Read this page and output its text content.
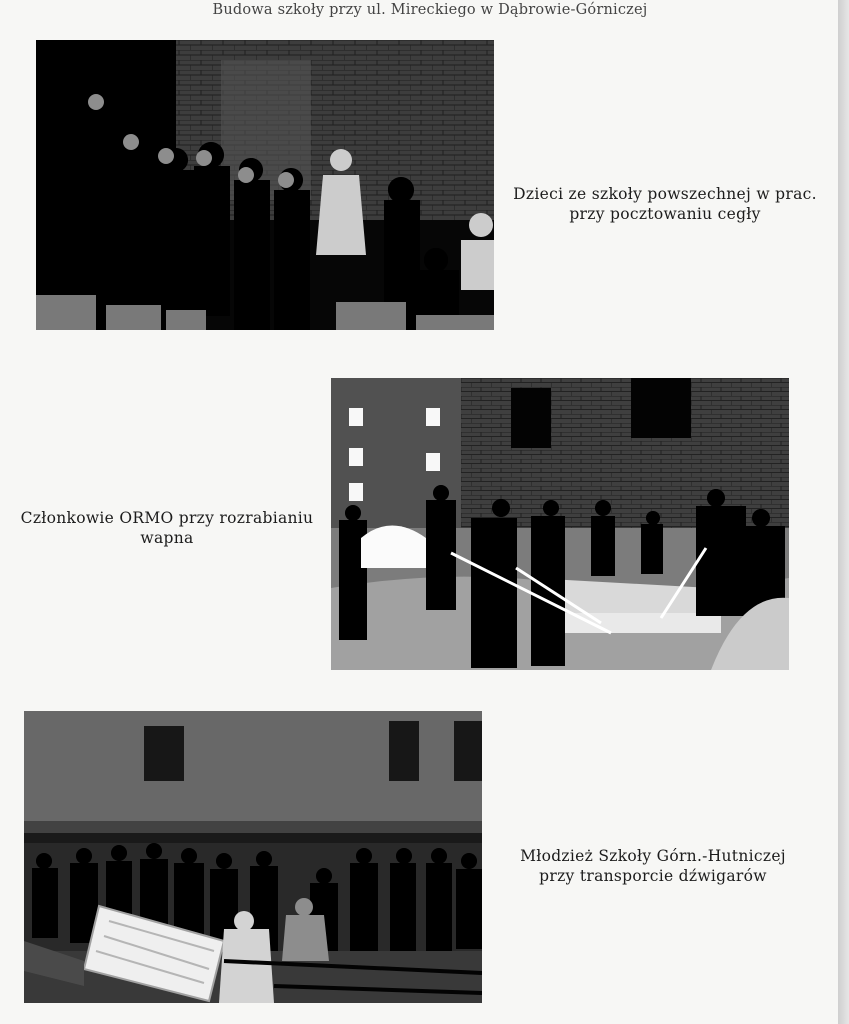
Budowa szkoły przy ul. Mireckiego w Dąbrowie-Górniczej
Dzieci ze szkoły powszechnej w prac.
przy pocztowaniu cegły
Członkowie ORMO przy rozrabianiu
wapna
Młodzież Szkoły Górn.-Hutniczej
przy transporcie dźwigarów
